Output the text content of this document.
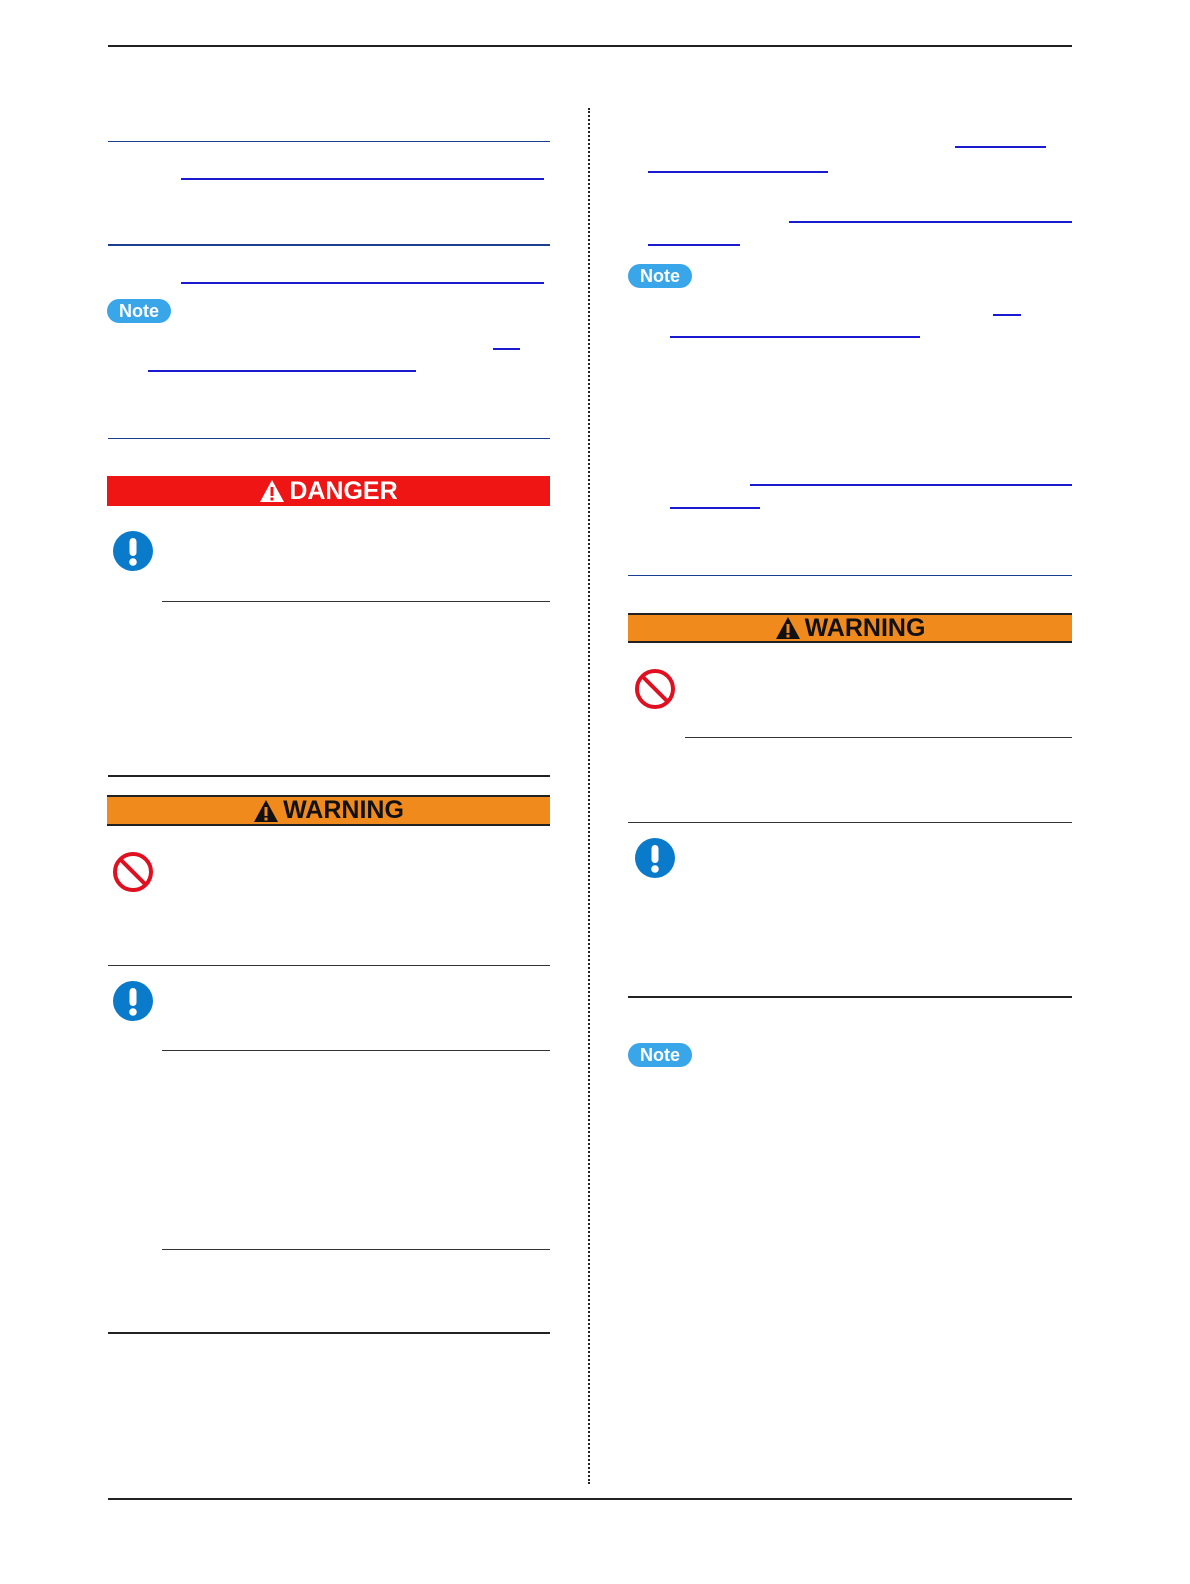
Note
DANGER
WARNING
Note
WARNING
Note
